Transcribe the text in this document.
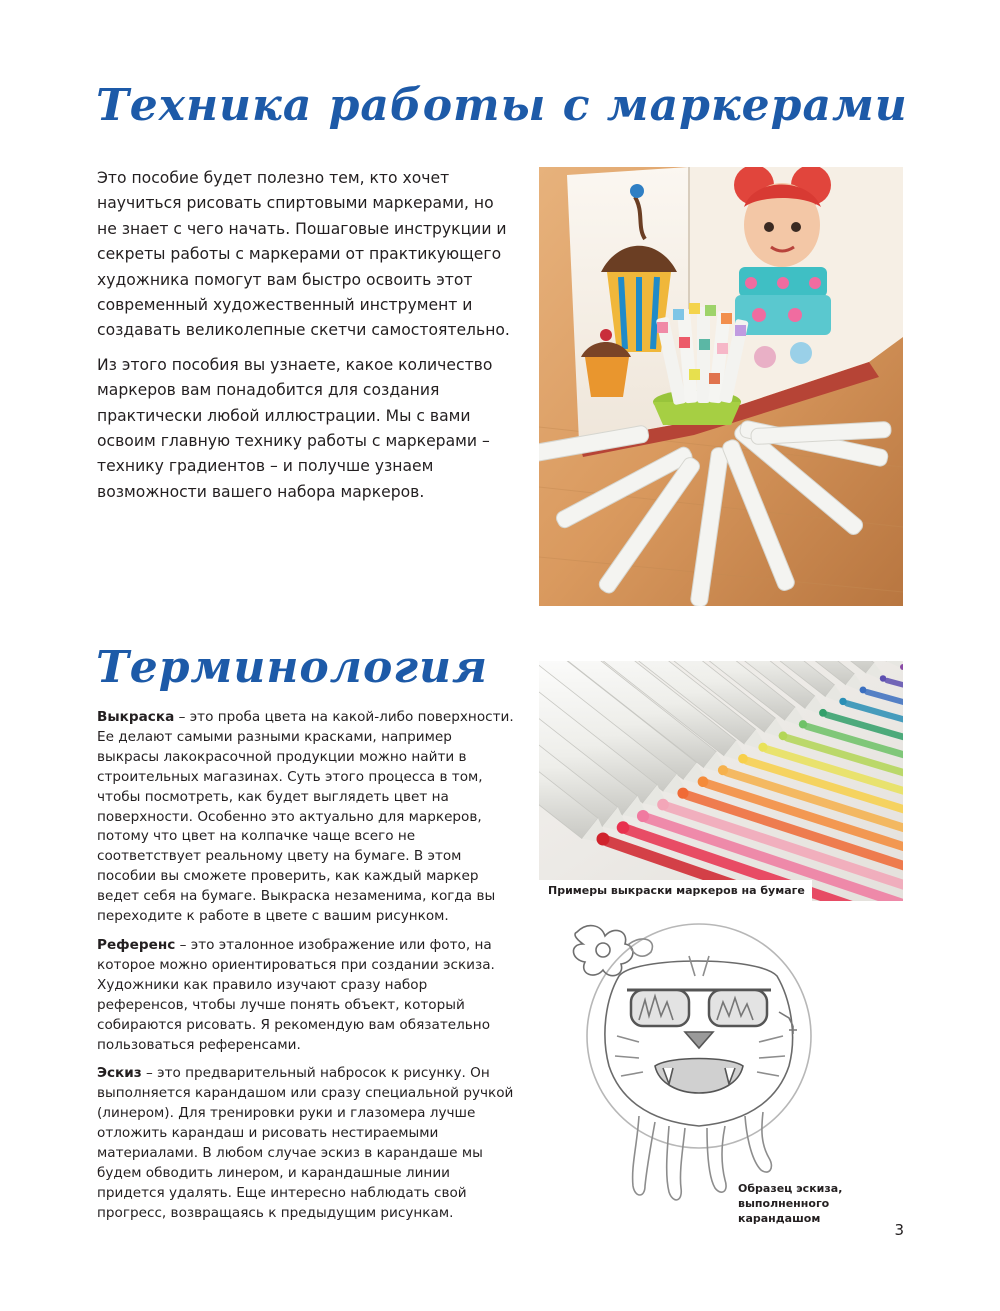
Техника работы с маркерами

Это пособие будет полезно тем, кто хочет научиться рисовать спиртовыми маркерами, но не знает с чего начать. Пошаговые инструкции и секреты работы с маркерами от практикующего художника помогут вам быстро освоить этот современный художественный инструмент и создавать великолепные скетчи самостоятельно.

Из этого пособия вы узнаете, какое количество маркеров вам понадобится для создания практически любой иллюстрации. Мы с вами освоим главную технику работы с маркерами – технику градиентов – и получше узнаем возможности вашего набора маркеров.

Терминология

Выкраска – это проба цвета на какой-либо поверхности. Ее делают самыми разными красками, например выкрасы лакокрасочной продукции можно найти в строительных магазинах. Суть этого процесса в том, чтобы посмотреть, как будет выглядеть цвет на поверхности. Особенно это актуально для маркеров, потому что цвет на колпачке чаще всего не соответствует реальному цвету на бумаге. В этом пособии вы сможете проверить, как каждый маркер ведет себя на бумаге. Выкраска незаменима, когда вы переходите к работе в цвете с вашим рисунком.

Референс – это эталонное изображение или фото, на которое можно ориентироваться при создании эскиза. Художники как правило изучают сразу набор референсов, чтобы лучше понять объект, который собираются рисовать. Я рекомендую вам обязательно пользоваться референсами.

Эскиз – это предварительный набросок к рисунку. Он выполняется карандашом или сразу специальной ручкой (линером). Для тренировки руки и глазомера лучше отложить карандаш и рисовать нестираемыми материалами. В любом случае эскиз в карандаше мы будем обводить линером, и карандашные линии придется удалять. Еще интересно наблюдать свой прогресс, возвращаясь к предыдущим рисункам.

Примеры выкраски маркеров на бумаге
Образец эскиза, выполненного карандашом
3
